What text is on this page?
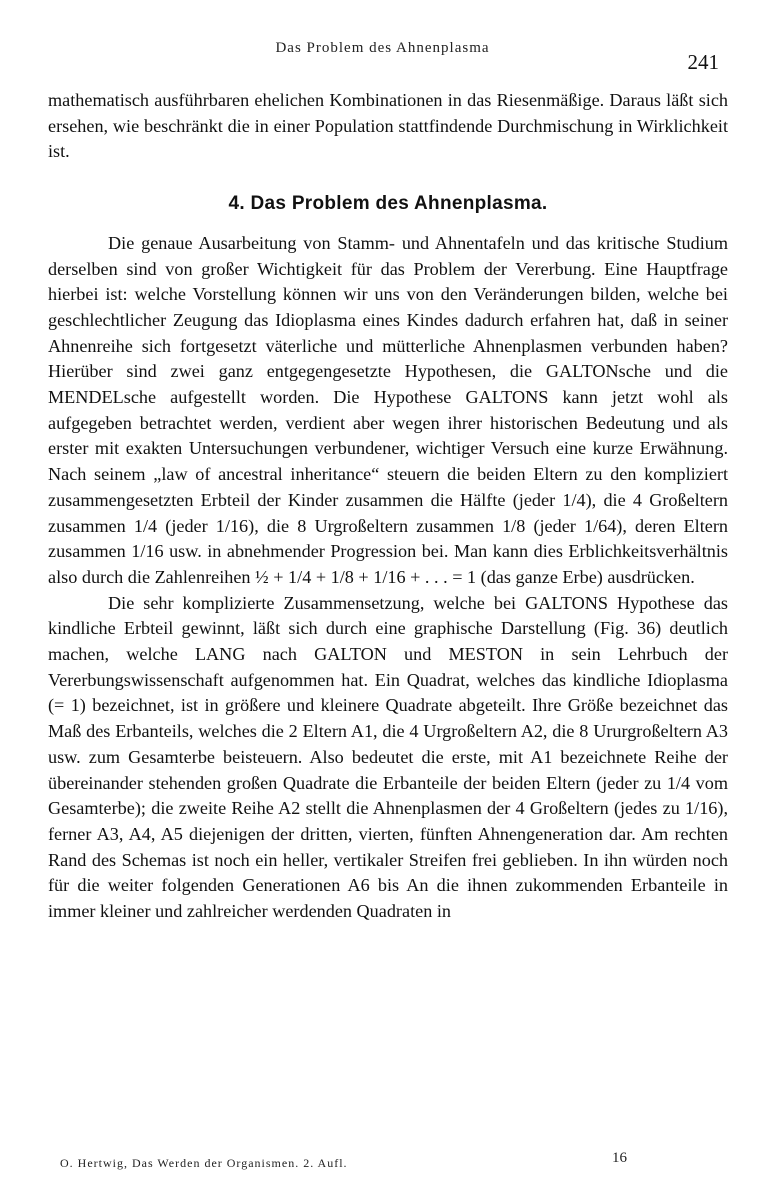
Das Problem des Ahnenplasma
241

mathematisch ausführbaren ehelichen Kombinationen in das Riesenmäßige. Daraus läßt sich ersehen, wie beschränkt die in einer Population stattfindende Durchmischung in Wirklichkeit ist.

4. Das Problem des Ahnenplasma.

Die genaue Ausarbeitung von Stamm- und Ahnentafeln und das kritische Studium derselben sind von großer Wichtigkeit für das Problem der Vererbung. Eine Hauptfrage hierbei ist: welche Vorstellung können wir uns von den Veränderungen bilden, welche bei geschlechtlicher Zeugung das Idioplasma eines Kindes dadurch erfahren hat, daß in seiner Ahnenreihe sich fortgesetzt väterliche und mütterliche Ahnenplasmen verbunden haben? Hierüber sind zwei ganz entgegengesetzte Hypothesen, die GALTONsche und die MENDELsche aufgestellt worden. Die Hypothese GALTONS kann jetzt wohl als aufgegeben betrachtet werden, verdient aber wegen ihrer historischen Bedeutung und als erster mit exakten Untersuchungen verbundener, wichtiger Versuch eine kurze Erwähnung. Nach seinem „law of ancestral inheritance“ steuern die beiden Eltern zu den kompliziert zusammengesetzten Erbteil der Kinder zusammen die Hälfte (jeder 1/4), die 4 Großeltern zusammen 1/4 (jeder 1/16), die 8 Urgroßeltern zusammen 1/8 (jeder 1/64), deren Eltern zusammen 1/16 usw. in abnehmender Progression bei. Man kann dies Erblichkeitsverhältnis also durch die Zahlenreihen ½ + 1/4 + 1/8 + 1/16 + . . . = 1 (das ganze Erbe) ausdrücken.

Die sehr komplizierte Zusammensetzung, welche bei GALTONS Hypothese das kindliche Erbteil gewinnt, läßt sich durch eine graphische Darstellung (Fig. 36) deutlich machen, welche LANG nach GALTON und MESTON in sein Lehrbuch der Vererbungswissenschaft aufgenommen hat. Ein Quadrat, welches das kindliche Idioplasma (= 1) bezeichnet, ist in größere und kleinere Quadrate abgeteilt. Ihre Größe bezeichnet das Maß des Erbanteils, welches die 2 Eltern A1, die 4 Urgroßeltern A2, die 8 Ururgroßeltern A3 usw. zum Gesamterbe beisteuern. Also bedeutet die erste, mit A1 bezeichnete Reihe der übereinander stehenden großen Quadrate die Erbanteile der beiden Eltern (jeder zu 1/4 vom Gesamterbe); die zweite Reihe A2 stellt die Ahnenplasmen der 4 Großeltern (jedes zu 1/16), ferner A3, A4, A5 diejenigen der dritten, vierten, fünften Ahnengeneration dar. Am rechten Rand des Schemas ist noch ein heller, vertikaler Streifen frei geblieben. In ihn würden noch für die weiter folgenden Generationen A6 bis An die ihnen zukommenden Erbanteile in immer kleiner und zahlreicher werdenden Quadraten in

O. Hertwig, Das Werden der Organismen. 2. Aufl.	16
